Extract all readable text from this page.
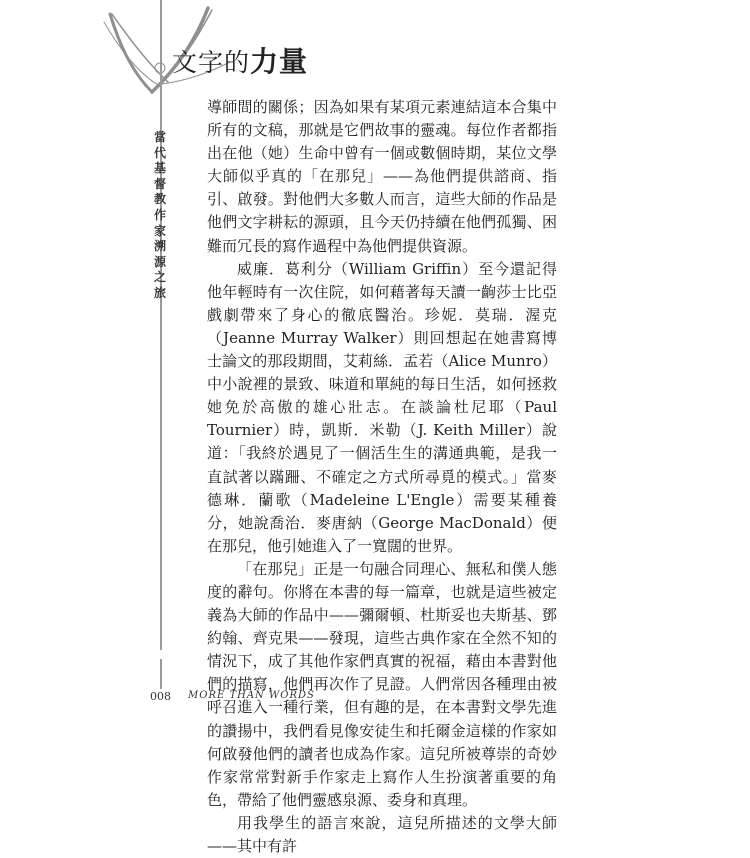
文字的力量
當代基督教作家溯源之旅

導師間的關係；因為如果有某項元素連結這本合集中所有的文稿，那就是它們故事的靈魂。每位作者都指出在他（她）生命中曾有一個或數個時期，某位文學大師似乎真的「在那兒」——為他們提供諮商、指引、啟發。對他們大多數人而言，這些大師的作品是他們文字耕耘的源頭，且今天仍持續在他們孤獨、困難而冗長的寫作過程中為他們提供資源。

威廉．葛利分（William Griffin）至今還記得他年輕時有一次住院，如何藉著每天讀一齣莎士比亞戲劇帶來了身心的徹底醫治。珍妮．莫瑞．渥克（Jeanne Murray Walker）則回想起在她書寫博士論文的那段期間，艾莉絲．孟若（Alice Munro）中小說裡的景致、味道和單純的每日生活，如何拯救她免於高傲的雄心壯志。在談論杜尼耶（Paul Tournier）時，凱斯．米勒（J. Keith Miller）說道：「我終於遇見了一個活生生的溝通典範，是我一直試著以蹣跚、不確定之方式所尋覓的模式。」當麥德琳．蘭歌（Madeleine L'Engle）需要某種養分，她說喬治．麥唐納（George MacDonald）便在那兒，他引她進入了一寬闊的世界。

「在那兒」正是一句融合同理心、無私和僕人態度的辭句。你將在本書的每一篇章，也就是這些被定義為大師的作品中——彌爾頓、杜斯妥也夫斯基、鄧約翰、齊克果——發現，這些古典作家在全然不知的情況下，成了其他作家們真實的祝福，藉由本書對他們的描寫，他們再次作了見證。人們常因各種理由被呼召進入一種行業，但有趣的是，在本書對文學先進的讚揚中，我們看見像安徒生和托爾金這樣的作家如何啟發他們的讀者也成為作家。這兒所被尊崇的奇妙作家常常對新手作家走上寫作人生扮演著重要的角色，帶給了他們靈感泉源、委身和真理。

用我學生的語言來說，這兒所描述的文學大師——其中有許

008 MORE THAN WORDS
